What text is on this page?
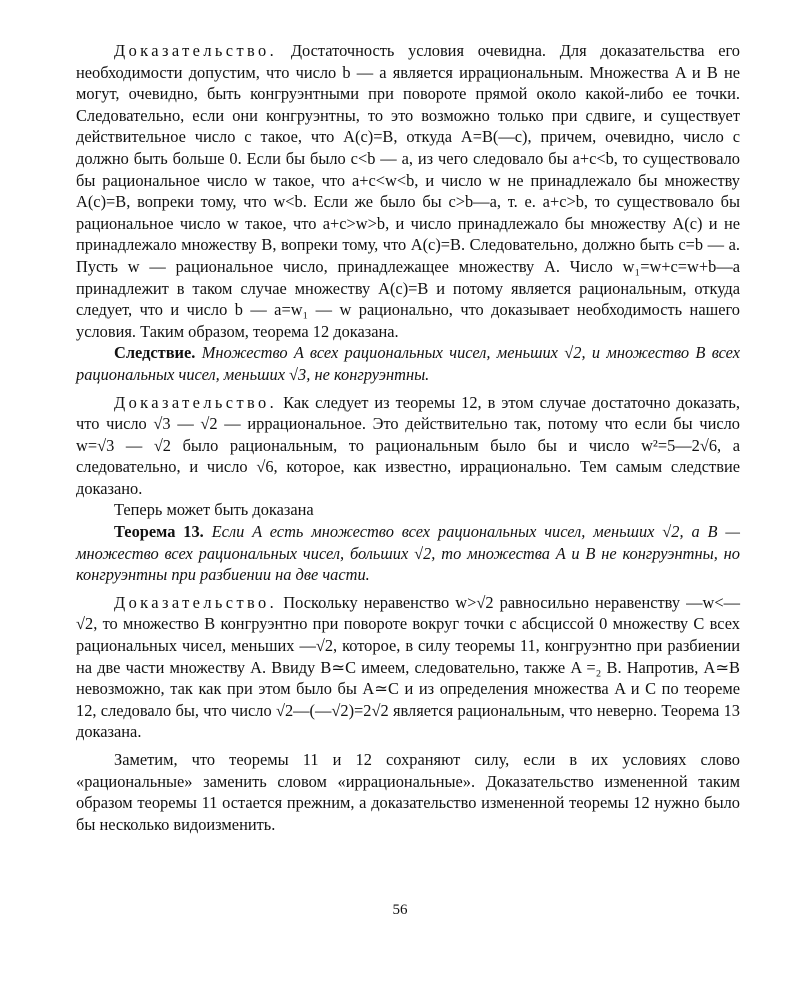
Доказательство. Достаточность условия очевидна. Для доказательства его необходимости допустим, что число b — a является иррациональным. Множества A и B не могут, очевидно, быть конгруэнтными при повороте прямой около какой-либо ее точки. Следовательно, если они конгруэнтны, то это возможно только при сдвиге, и существует действительное число c такое, что A(c)=B, откуда A=B(—c), причем, очевидно, число c должно быть больше 0. Если бы было c<b — a, из чего следовало бы a+c<b, то существовало бы рациональное число w такое, что a+c<w<b, и число w не принадлежало бы множеству A(c)=B, вопреки тому, что w<b. Если же было бы c>b—a, т. е. a+c>b, то существовало бы рациональное число w такое, что a+c>w>b, и число принадлежало бы множеству A(c) и не принадлежало множеству B, вопреки тому, что A(c)=B. Следовательно, должно быть c=b — a. Пусть w — рациональное число, принадлежащее множеству A. Число w₁=w+c=w+b—a принадлежит в таком случае множеству A(c)=B и потому является рациональным, откуда следует, что и число b — a=w₁ — w рационально, что доказывает необходимость нашего условия. Таким образом, теорема 12 доказана.

Следствие. Множество A всех рациональных чисел, меньших √2, и множество B всех рациональных чисел, меньших √3, не конгруэнтны.

Доказательство. Как следует из теоремы 12, в этом случае достаточно доказать, что число √3 — √2 — иррациональное. Это действительно так, потому что если бы число w=√3 — √2 было рациональным, то рациональным было бы и число w²=5—2√6, а следовательно, и число √6, которое, как известно, иррационально. Тем самым следствие доказано.

Теперь может быть доказана

Теорема 13. Если A есть множество всех рациональных чисел, меньших √2, а B — множество всех рациональных чисел, больших √2, то множества A и B не конгруэнтны, но конгруэнтны при разбиении на две части.

Доказательство. Поскольку неравенство w>√2 равносильно неравенству —w<—√2, то множество B конгруэнтно при повороте вокруг точки с абсциссой 0 множеству C всех рациональных чисел, меньших —√2, которое, в силу теоремы 11, конгруэнтно при разбиении на две части множеству A. Ввиду B≃C имеем, следовательно, также A =₂ B. Напротив, A≃B невозможно, так как при этом было бы A≃C и из определения множества A и C по теореме 12, следовало бы, что число √2—(—√2)=2√2 является рациональным, что неверно. Теорема 13 доказана.

Заметим, что теоремы 11 и 12 сохраняют силу, если в их условиях слово «рациональные» заменить словом «иррациональные». Доказательство измененной таким образом теоремы 11 остается прежним, а доказательство измененной теоремы 12 нужно было бы несколько видоизменить.

56
